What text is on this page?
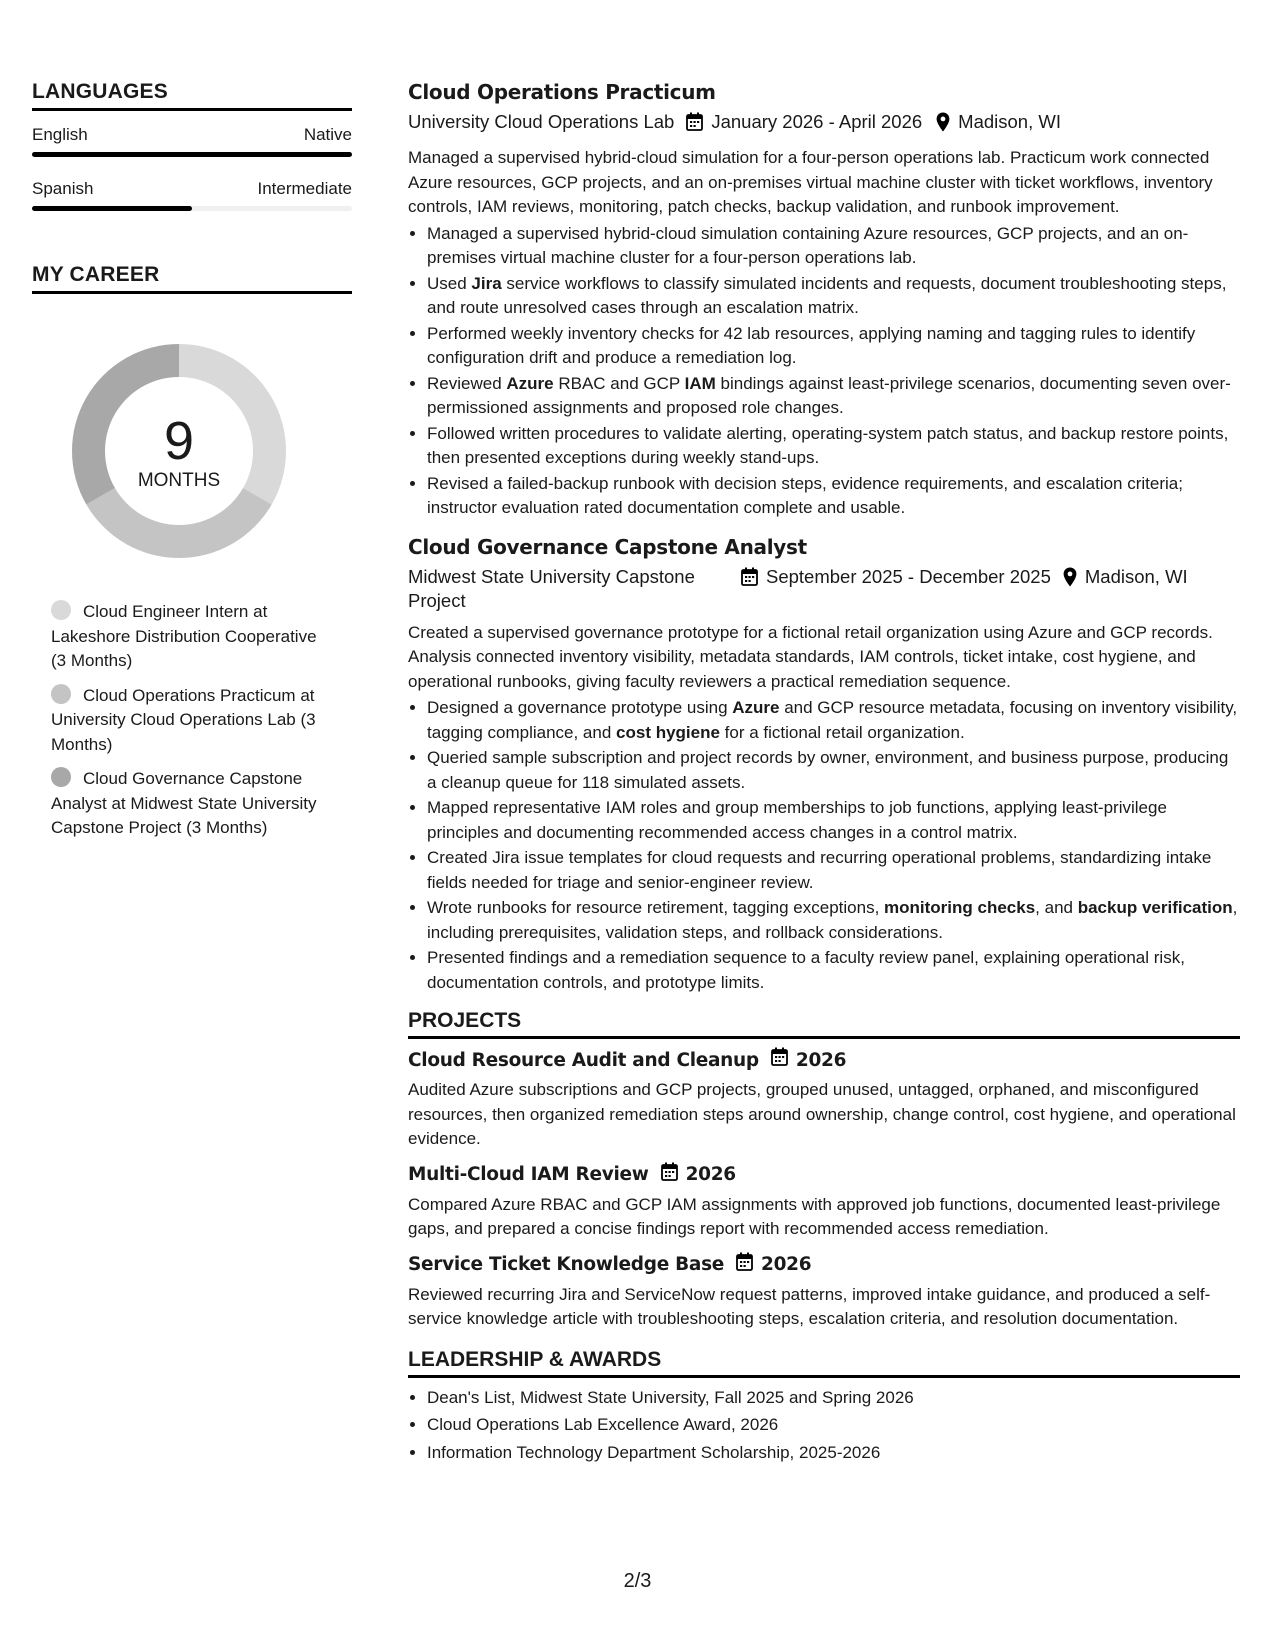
LANGUAGES
English	Native
Spanish	Intermediate
MY CAREER
9
MONTHS
Cloud Engineer Intern at Lakeshore Distribution Cooperative (3 Months)
Cloud Operations Practicum at University Cloud Operations Lab (3 Months)
Cloud Governance Capstone Analyst at Midwest State University Capstone Project (3 Months)
Cloud Operations Practicum
University Cloud Operations Lab January 2026 - April 2026 Madison, WI

Managed a supervised hybrid-cloud simulation for a four-person operations lab. Practicum work connected Azure resources, GCP projects, and an on-premises virtual machine cluster with ticket workflows, inventory controls, IAM reviews, monitoring, patch checks, backup validation, and runbook improvement.

• Managed a supervised hybrid-cloud simulation containing Azure resources, GCP projects, and an on-premises virtual machine cluster for a four-person operations lab.
• Used Jira service workflows to classify simulated incidents and requests, document troubleshooting steps, and route unresolved cases through an escalation matrix.
• Performed weekly inventory checks for 42 lab resources, applying naming and tagging rules to identify configuration drift and produce a remediation log.
• Reviewed Azure RBAC and GCP IAM bindings against least-privilege scenarios, documenting seven over-permissioned assignments and proposed role changes.
• Followed written procedures to validate alerting, operating-system patch status, and backup restore points, then presented exceptions during weekly stand-ups.
• Revised a failed-backup runbook with decision steps, evidence requirements, and escalation criteria; instructor evaluation rated documentation complete and usable.
Cloud Governance Capstone Analyst
Midwest State University Capstone Project
September 2025 - December 2025 Madison, WI

Created a supervised governance prototype for a fictional retail organization using Azure and GCP records. Analysis connected inventory visibility, metadata standards, IAM controls, ticket intake, cost hygiene, and operational runbooks, giving faculty reviewers a practical remediation sequence.

• Designed a governance prototype using Azure and GCP resource metadata, focusing on inventory visibility, tagging compliance, and cost hygiene for a fictional retail organization.
• Queried sample subscription and project records by owner, environment, and business purpose, producing a cleanup queue for 118 simulated assets.
• Mapped representative IAM roles and group memberships to job functions, applying least-privilege principles and documenting recommended access changes in a control matrix.
• Created Jira issue templates for cloud requests and recurring operational problems, standardizing intake fields needed for triage and senior-engineer review.
• Wrote runbooks for resource retirement, tagging exceptions, monitoring checks, and backup verification, including prerequisites, validation steps, and rollback considerations.
• Presented findings and a remediation sequence to a faculty review panel, explaining operational risk, documentation controls, and prototype limits.
PROJECTS
Cloud Resource Audit and Cleanup 2026

Audited Azure subscriptions and GCP projects, grouped unused, untagged, orphaned, and misconfigured resources, then organized remediation steps around ownership, change control, cost hygiene, and operational evidence.

Multi-Cloud IAM Review 2026

Compared Azure RBAC and GCP IAM assignments with approved job functions, documented least-privilege gaps, and prepared a concise findings report with recommended access remediation.

Service Ticket Knowledge Base 2026

Reviewed recurring Jira and ServiceNow request patterns, improved intake guidance, and produced a self-service knowledge article with troubleshooting steps, escalation criteria, and resolution documentation.

LEADERSHIP & AWARDS
• Dean's List, Midwest State University, Fall 2025 and Spring 2026
• Cloud Operations Lab Excellence Award, 2026
• Information Technology Department Scholarship, 2025-2026
2/3
